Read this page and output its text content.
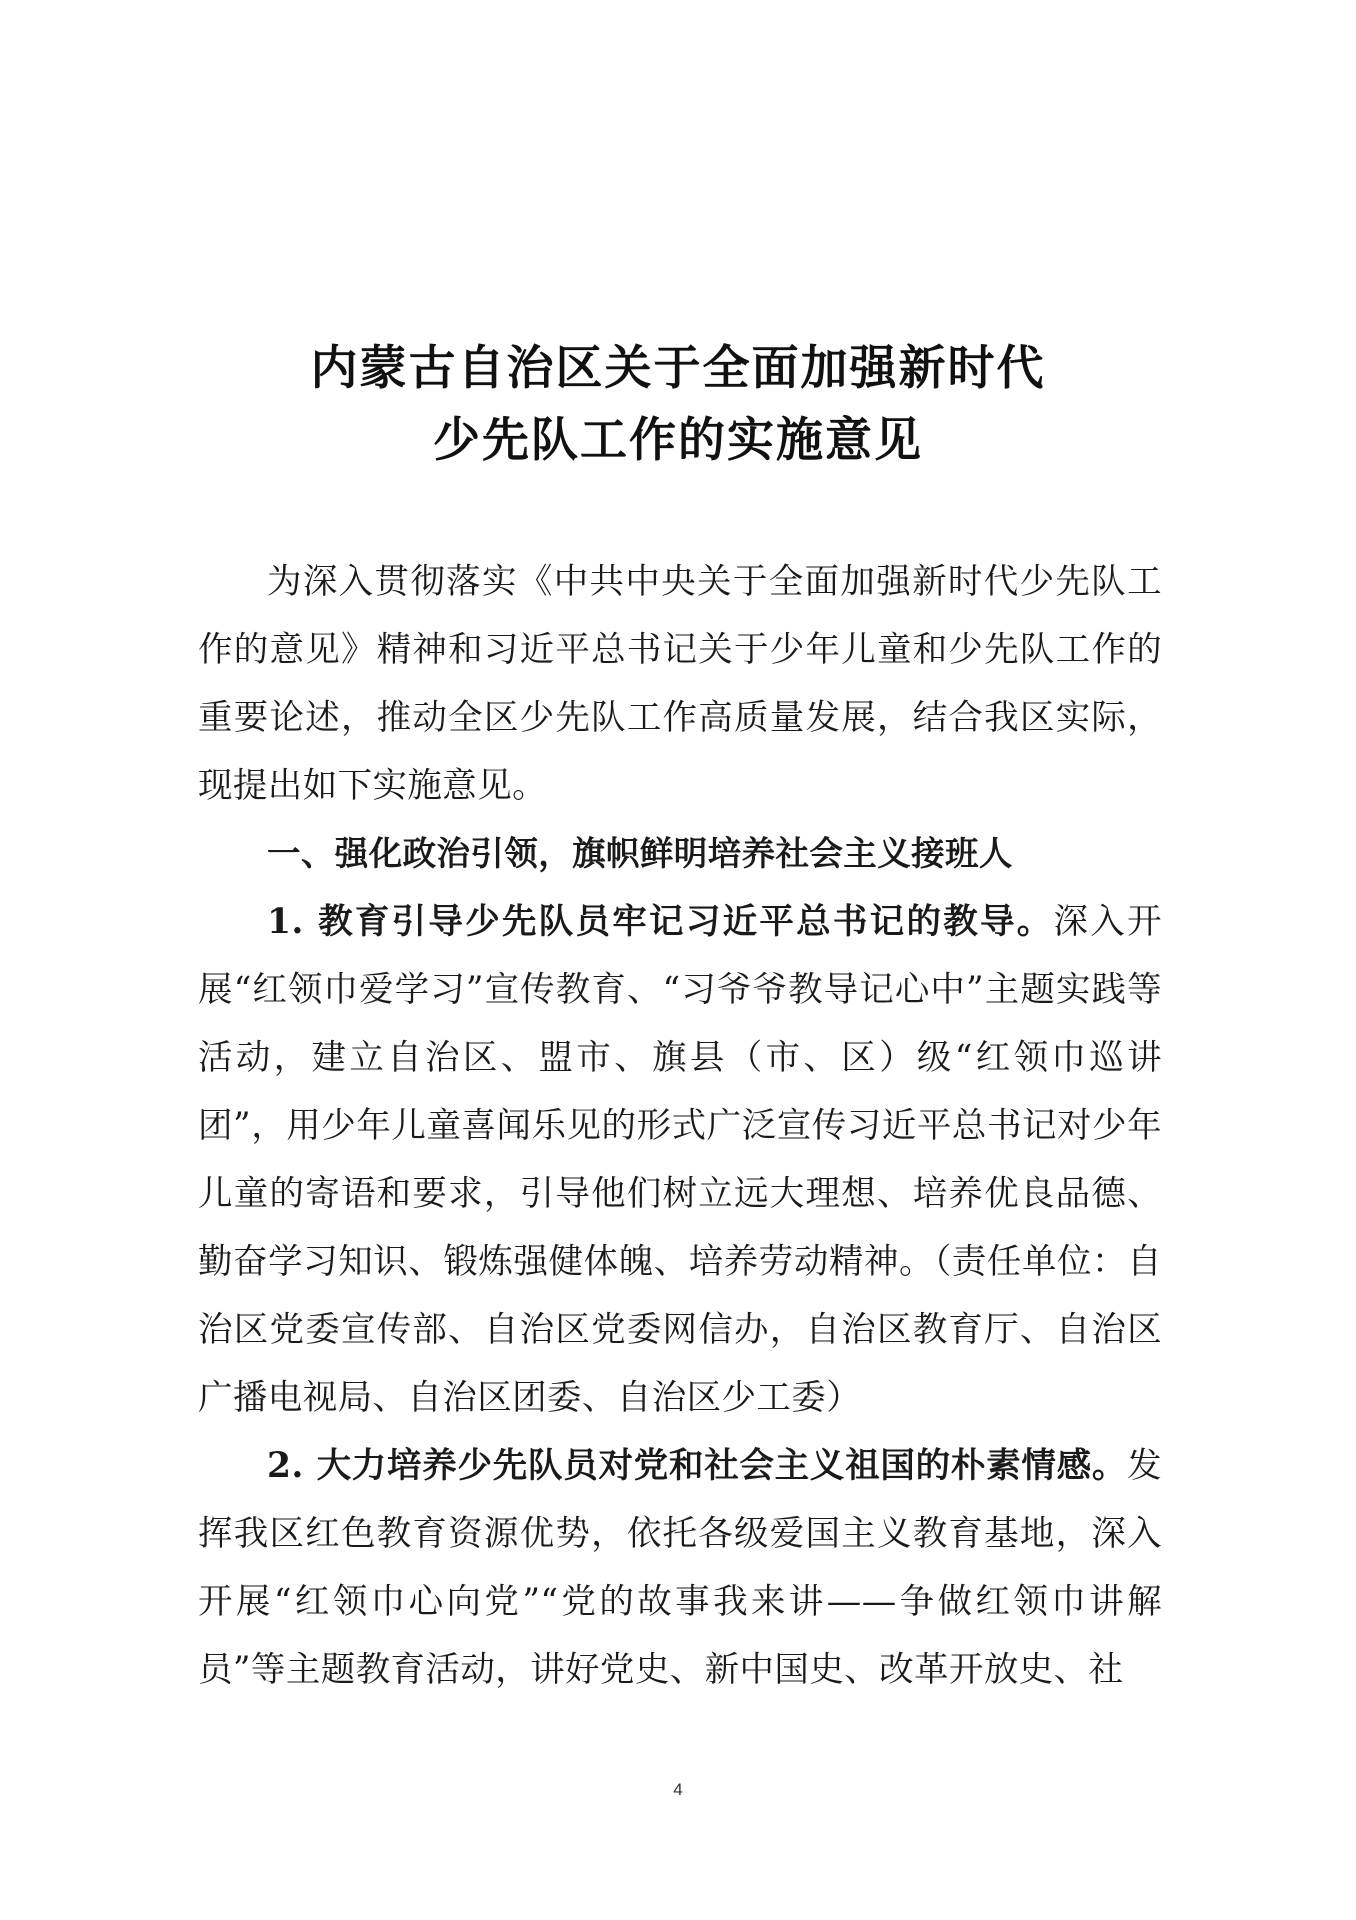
内蒙古自治区关于全面加强新时代
少先队工作的实施意见

为深入贯彻落实《中共中央关于全面加强新时代少先队工作的意见》精神和习近平总书记关于少年儿童和少先队工作的重要论述，推动全区少先队工作高质量发展，结合我区实际，现提出如下实施意见。

一、强化政治引领，旗帜鲜明培养社会主义接班人

1. 教育引导少先队员牢记习近平总书记的教导。深入开展“红领巾爱学习”宣传教育、“习爷爷教导记心中”主题实践等活动，建立自治区、盟市、旗县（市、区）级“红领巾巡讲团”，用少年儿童喜闻乐见的形式广泛宣传习近平总书记对少年儿童的寄语和要求，引导他们树立远大理想、培养优良品德、勤奋学习知识、锻炼强健体魄、培养劳动精神。（责任单位：自治区党委宣传部、自治区党委网信办，自治区教育厅、自治区广播电视局、自治区团委、自治区少工委）

2. 大力培养少先队员对党和社会主义祖国的朴素情感。发挥我区红色教育资源优势，依托各级爱国主义教育基地，深入开展“红领巾心向党”“党的故事我来讲——争做红领巾讲解员”等主题教育活动，讲好党史、新中国史、改革开放史、社

4
